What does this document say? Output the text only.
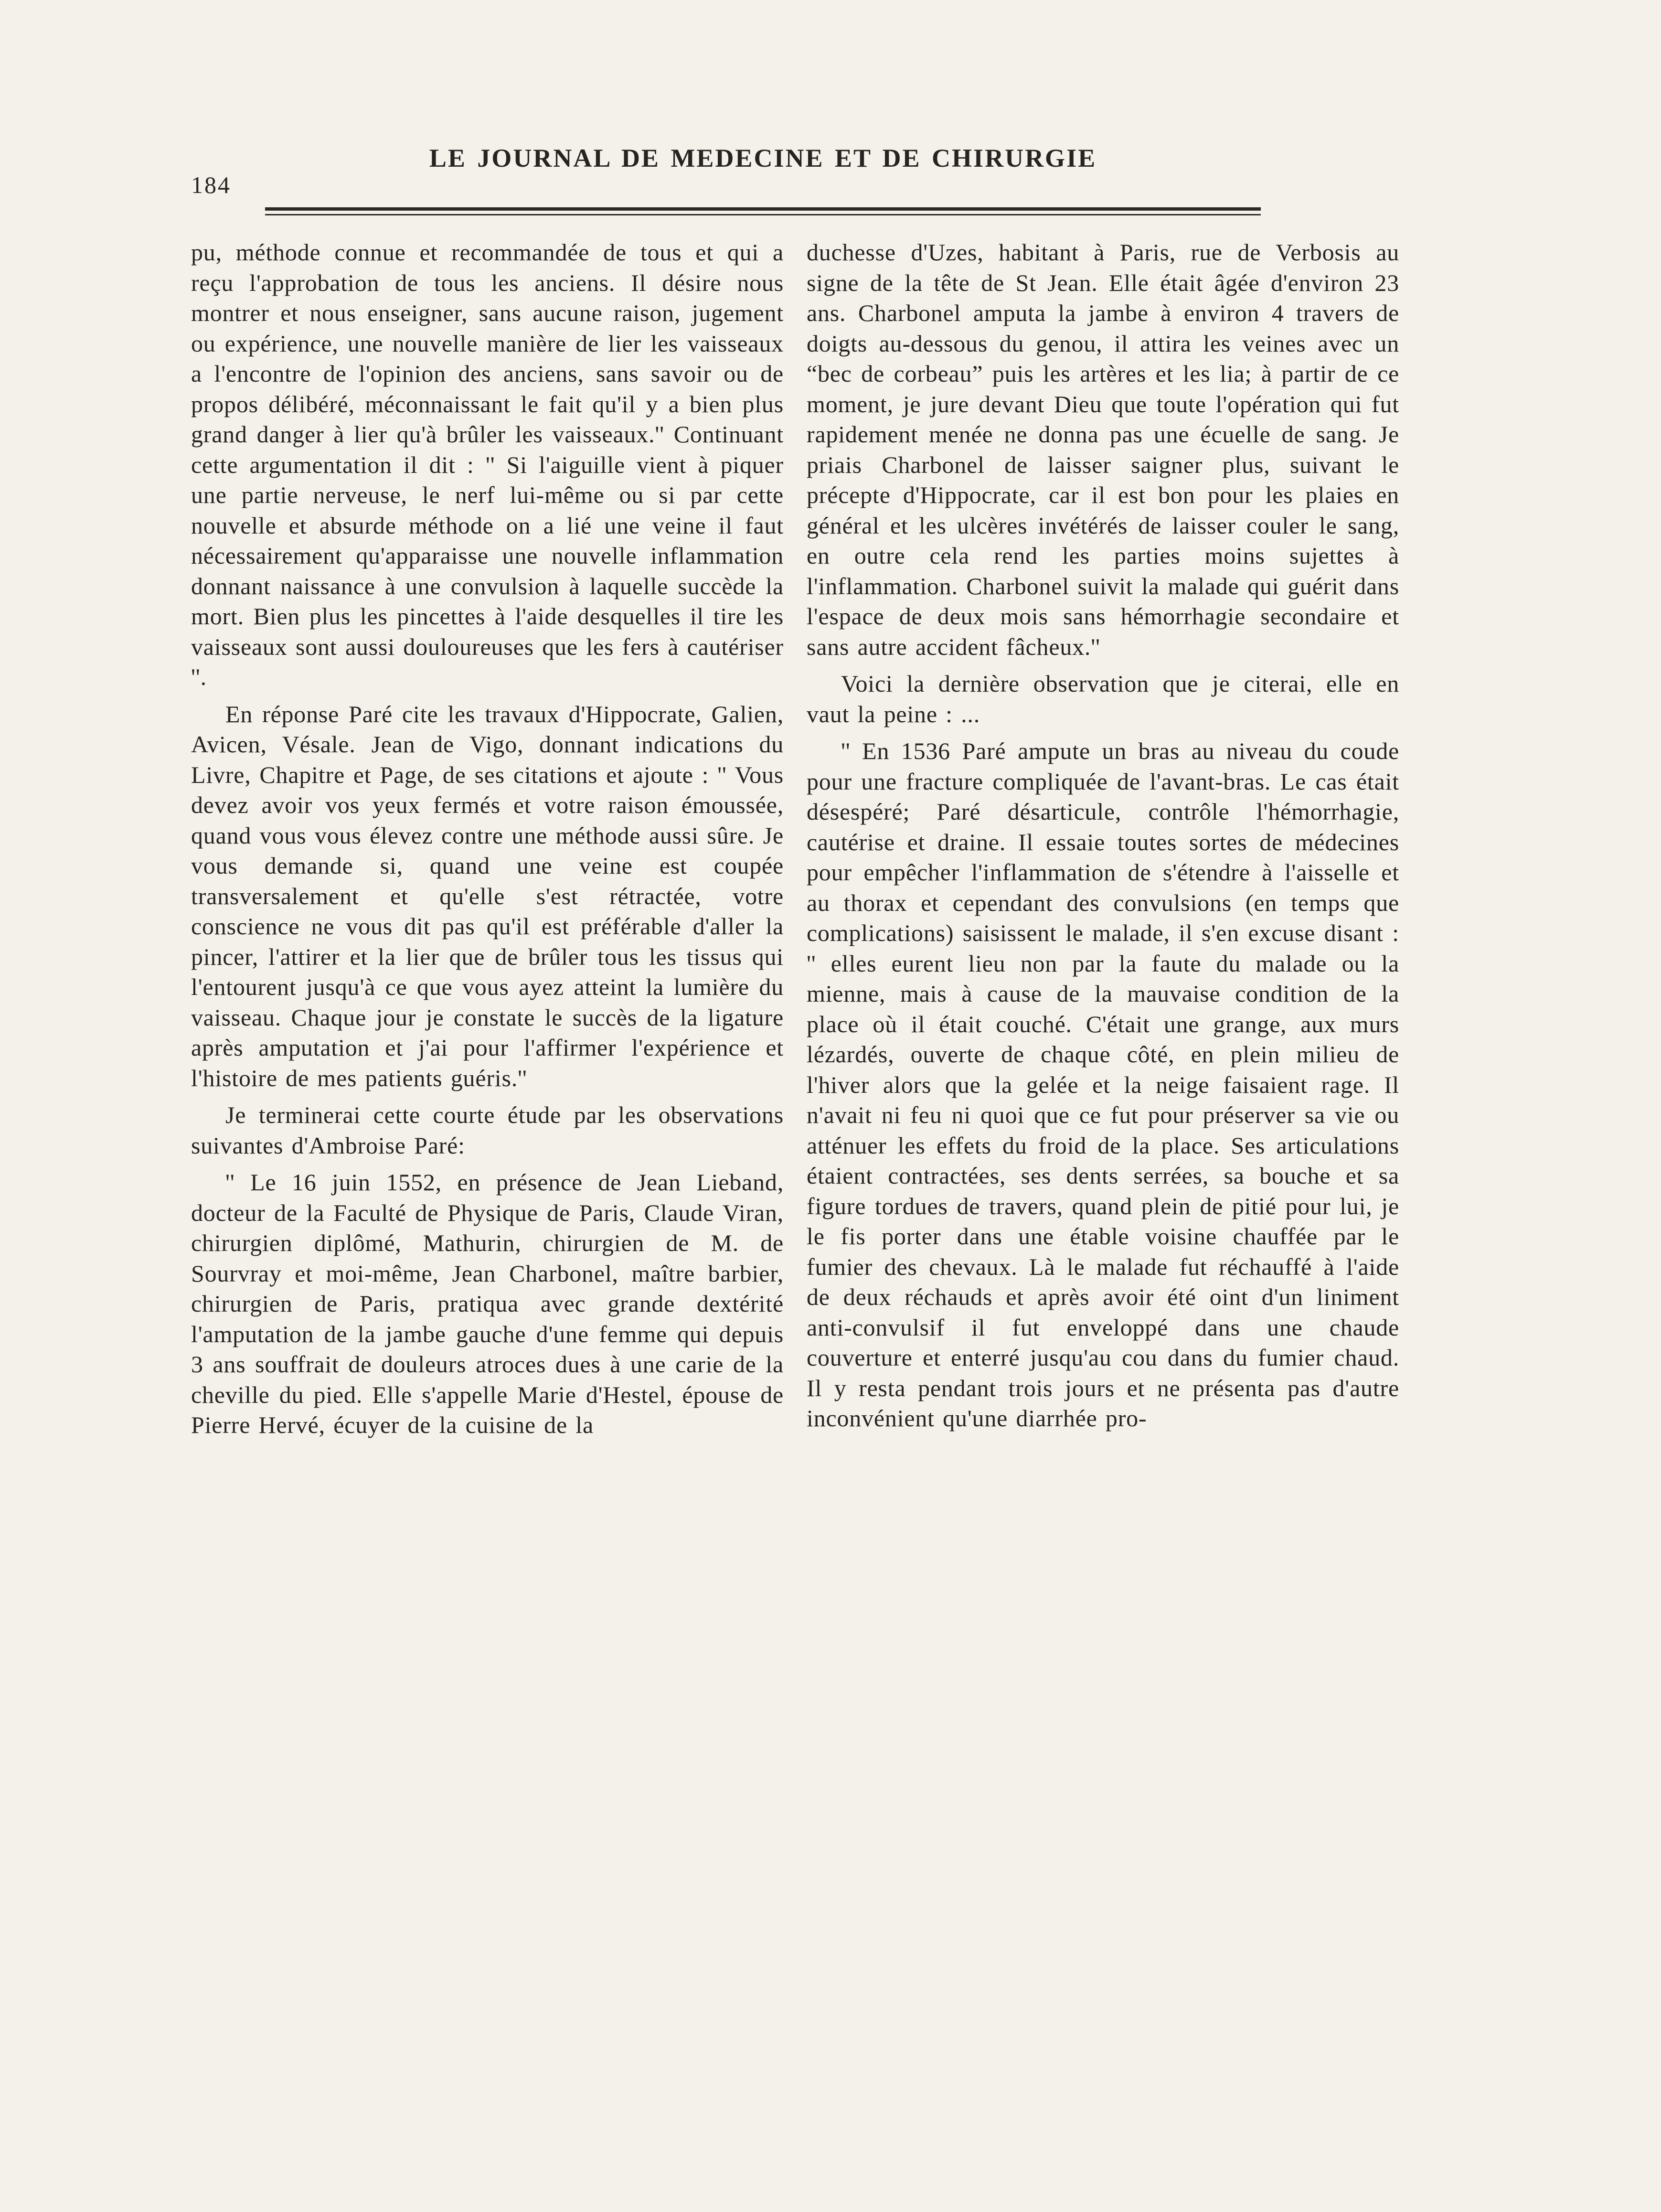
184
LE JOURNAL DE MEDECINE ET DE CHIRURGIE

pu, méthode connue et recommandée de tous et qui a reçu l'approbation de tous les anciens. Il désire nous montrer et nous enseigner, sans aucune raison, jugement ou expérience, une nouvelle manière de lier les vaisseaux a l'encontre de l'opinion des anciens, sans savoir ou de propos délibéré, méconnaissant le fait qu'il y a bien plus grand danger à lier qu'à brûler les vaisseaux.'' Continuant cette argumentation il dit : '' Si l'aiguille vient à piquer une partie nerveuse, le nerf lui-même ou si par cette nouvelle et absurde méthode on a lié une veine il faut nécessairement qu'apparaisse une nouvelle inflammation donnant naissance à une convulsion à laquelle succède la mort. Bien plus les pincettes à l'aide desquelles il tire les vaisseaux sont aussi douloureuses que les fers à cautériser ''.

En réponse Paré cite les travaux d'Hippocrate, Galien, Avicen, Vésale. Jean de Vigo, donnant indications du Livre, Chapitre et Page, de ses citations et ajoute : '' Vous devez avoir vos yeux fermés et votre raison émoussée, quand vous vous élevez contre une méthode aussi sûre. Je vous demande si, quand une veine est coupée transversalement et qu'elle s'est rétractée, votre conscience ne vous dit pas qu'il est préférable d'aller la pincer, l'attirer et la lier que de brûler tous les tissus qui l'entourent jusqu'à ce que vous ayez atteint la lumière du vaisseau. Chaque jour je constate le succès de la ligature après amputation et j'ai pour l'affirmer l'expérience et l'histoire de mes patients guéris.''

Je terminerai cette courte étude par les observations suivantes d'Ambroise Paré:

'' Le 16 juin 1552, en présence de Jean Lieband, docteur de la Faculté de Physique de Paris, Claude Viran, chirurgien diplômé, Mathurin, chirurgien de M. de Sourvray et moi-même, Jean Charbonel, maître barbier, chirurgien de Paris, pratiqua avec grande dextérité l'amputation de la jambe gauche d'une femme qui depuis 3 ans souffrait de douleurs atroces dues à une carie de la cheville du pied. Elle s'appelle Marie d'Hestel, épouse de Pierre Hervé, écuyer de la cuisine de la

duchesse d'Uzes, habitant à Paris, rue de Verbosis au signe de la tête de St Jean. Elle était âgée d'environ 23 ans. Charbonel amputa la jambe à environ 4 travers de doigts au-dessous du genou, il attira les veines avec un “bec de corbeau” puis les artères et les lia; à partir de ce moment, je jure devant Dieu que toute l'opération qui fut rapidement menée ne donna pas une écuelle de sang. Je priais Charbonel de laisser saigner plus, suivant le précepte d'Hippocrate, car il est bon pour les plaies en général et les ulcères invétérés de laisser couler le sang, en outre cela rend les parties moins sujettes à l'inflammation. Charbonel suivit la malade qui guérit dans l'espace de deux mois sans hémorrhagie secondaire et sans autre accident fâcheux.''

Voici la dernière observation que je citerai, elle en vaut la peine : ...

'' En 1536 Paré ampute un bras au niveau du coude pour une fracture compliquée de l'avant-bras. Le cas était désespéré; Paré désarticule, contrôle l'hémorrhagie, cautérise et draine. Il essaie toutes sortes de médecines pour empêcher l'inflammation de s'étendre à l'aisselle et au thorax et cependant des convulsions (en temps que complications) saisissent le malade, il s'en excuse disant : '' elles eurent lieu non par la faute du malade ou la mienne, mais à cause de la mauvaise condition de la place où il était couché. C'était une grange, aux murs lézardés, ouverte de chaque côté, en plein milieu de l'hiver alors que la gelée et la neige faisaient rage. Il n'avait ni feu ni quoi que ce fut pour préserver sa vie ou atténuer les effets du froid de la place. Ses articulations étaient contractées, ses dents serrées, sa bouche et sa figure tordues de travers, quand plein de pitié pour lui, je le fis porter dans une étable voisine chauffée par le fumier des chevaux. Là le malade fut réchauffé à l'aide de deux réchauds et après avoir été oint d'un liniment anti-convulsif il fut enveloppé dans une chaude couverture et enterré jusqu'au cou dans du fumier chaud. Il y resta pendant trois jours et ne présenta pas d'autre inconvénient qu'une diarrhée pro-
